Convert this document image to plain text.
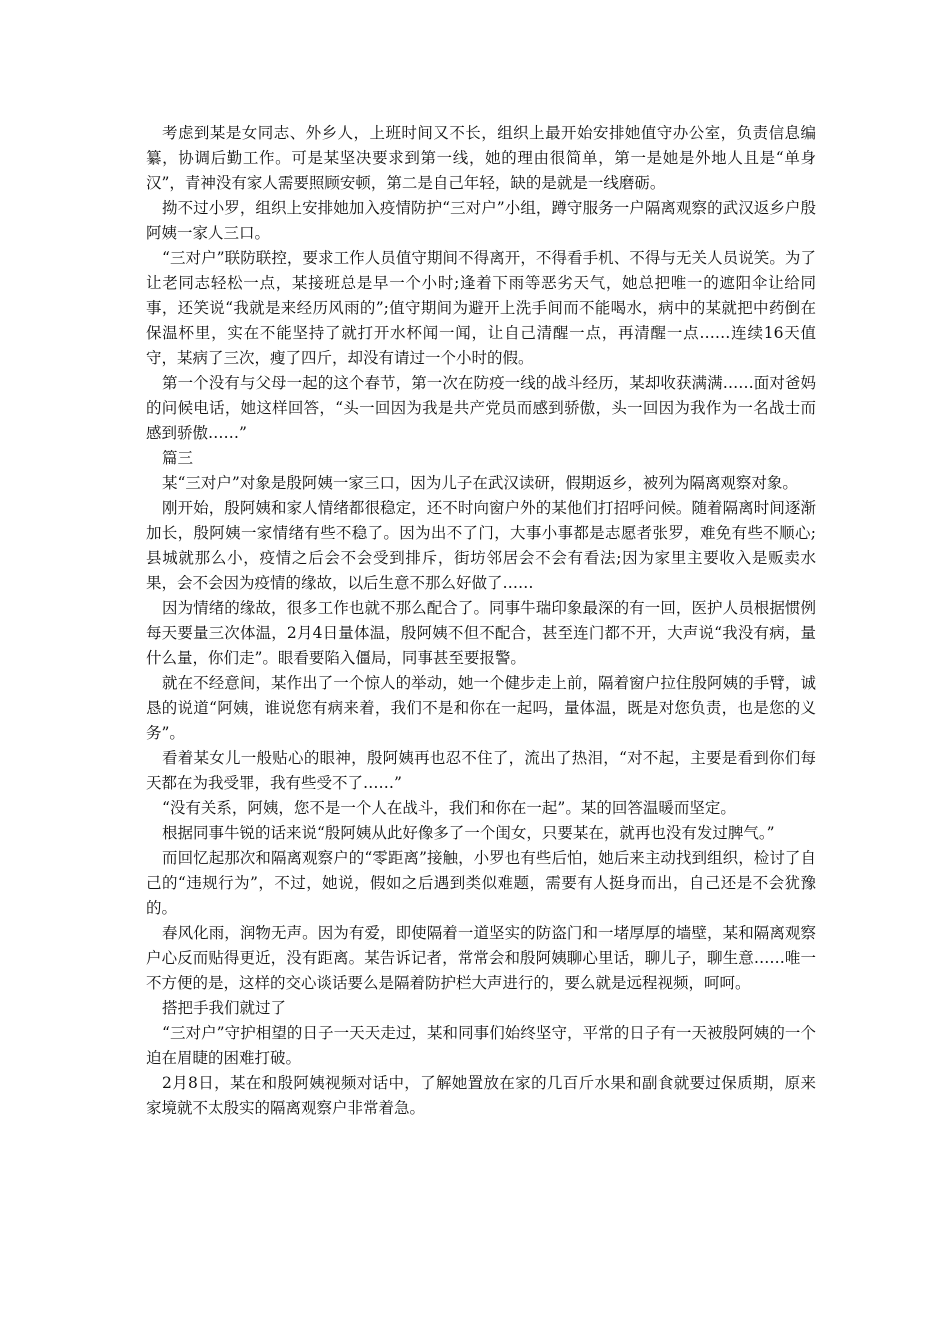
考虑到某是女同志、外乡人，上班时间又不长，组织上最开始安排她值守办公室，负责信息编纂，协调后勤工作。可是某坚决要求到第一线，她的理由很简单，第一是她是外地人且是“单身汉”，青神没有家人需要照顾安顿，第二是自己年轻，缺的是就是一线磨砺。

拗不过小罗，组织上安排她加入疫情防护“三对户”小组，蹲守服务一户隔离观察的武汉返乡户殷阿姨一家人三口。

“三对户”联防联控，要求工作人员值守期间不得离开，不得看手机、不得与无关人员说笑。为了让老同志轻松一点，某接班总是早一个小时;逢着下雨等恶劣天气，她总把唯一的遮阳伞让给同事，还笑说“我就是来经历风雨的”;值守期间为避开上洗手间而不能喝水，病中的某就把中药倒在保温杯里，实在不能坚持了就打开水杯闻一闻，让自己清醒一点，再清醒一点……连续16天值守，某病了三次，瘦了四斤，却没有请过一个小时的假。

第一个没有与父母一起的这个春节，第一次在防疫一线的战斗经历，某却收获满满……面对爸妈的问候电话，她这样回答，“头一回因为我是共产党员而感到骄傲，头一回因为我作为一名战士而感到骄傲……”

篇三

某“三对户”对象是殷阿姨一家三口，因为儿子在武汉读研，假期返乡，被列为隔离观察对象。

刚开始，殷阿姨和家人情绪都很稳定，还不时向窗户外的某他们打招呼问候。随着隔离时间逐渐加长，殷阿姨一家情绪有些不稳了。因为出不了门，大事小事都是志愿者张罗，难免有些不顺心;县城就那么小，疫情之后会不会受到排斥，街坊邻居会不会有看法;因为家里主要收入是贩卖水果，会不会因为疫情的缘故，以后生意不那么好做了……

因为情绪的缘故，很多工作也就不那么配合了。同事牛瑞印象最深的有一回，医护人员根据惯例每天要量三次体温，2月4日量体温，殷阿姨不但不配合，甚至连门都不开，大声说“我没有病，量什么量，你们走”。眼看要陷入僵局，同事甚至要报警。

就在不经意间，某作出了一个惊人的举动，她一个健步走上前，隔着窗户拉住殷阿姨的手臂，诚恳的说道“阿姨，谁说您有病来着，我们不是和你在一起吗，量体温，既是对您负责，也是您的义务”。

看着某女儿一般贴心的眼神，殷阿姨再也忍不住了，流出了热泪，“对不起，主要是看到你们每天都在为我受罪，我有些受不了……”

“没有关系，阿姨，您不是一个人在战斗，我们和你在一起”。某的回答温暖而坚定。

根据同事牛锐的话来说“殷阿姨从此好像多了一个闺女，只要某在，就再也没有发过脾气。”

而回忆起那次和隔离观察户的“零距离”接触，小罗也有些后怕，她后来主动找到组织，检讨了自己的“违规行为”，不过，她说，假如之后遇到类似难题，需要有人挺身而出，自己还是不会犹豫的。

春风化雨，润物无声。因为有爱，即使隔着一道坚实的防盗门和一堵厚厚的墙壁，某和隔离观察户心反而贴得更近，没有距离。某告诉记者，常常会和殷阿姨聊心里话，聊儿子，聊生意……唯一不方便的是，这样的交心谈话要么是隔着防护栏大声进行的，要么就是远程视频，呵呵。

搭把手我们就过了

“三对户”守护相望的日子一天天走过，某和同事们始终坚守，平常的日子有一天被殷阿姨的一个迫在眉睫的困难打破。

2月8日，某在和殷阿姨视频对话中，了解她置放在家的几百斤水果和副食就要过保质期，原来家境就不太殷实的隔离观察户非常着急。
